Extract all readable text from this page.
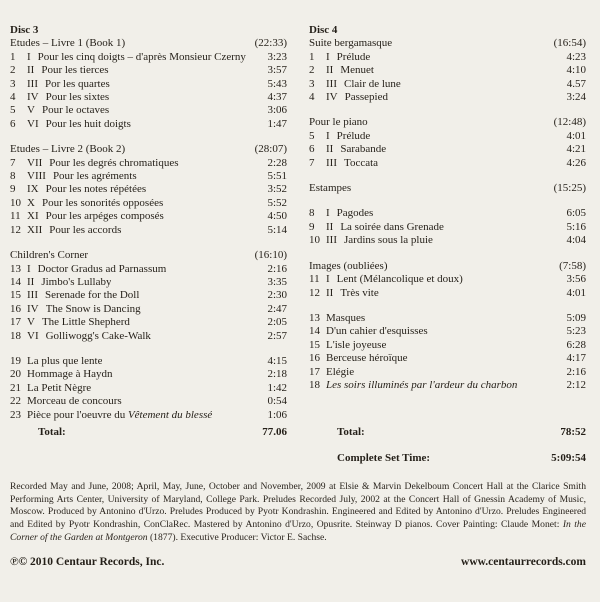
Disc 3
Etudes – Livre 1 (Book 1)	(22:33)
1	I Pour les cinq doigts – d'après Monsieur Czerny	3:23
2	II Pour les tierces	3:57
3	III Por les quartes	5:43
4	IV Pour les sixtes	4:37
5	V Pour le octaves	3:06
6	VI Pour les huit doigts	1:47
Etudes – Livre 2 (Book 2)	(28:07)
7	VII Pour les degrés chromatiques	2:28
8	VIII Pour les agréments	5:51
9	IX Pour les notes répétées	3:52
10 X Pour les sonorités opposées	5:52
11 XI Pour les arpéges composés	4:50
12 XII Pour les accords	5:14
Children's Corner	(16:10)
13 I Doctor Gradus ad Parnassum	2:16
14 II Jimbo's Lullaby	3:35
15 III Serenade for the Doll	2:30
16 IV The Snow is Dancing	2:47
17 V The Little Shepherd	2:05
18 VI Golliwogg's Cake-Walk	2:57
19 La plus que lente	4:15
20 Hommage à Haydn	2:18
21 La Petit Nègre	1:42
22 Morceau de concours	0:54
23 Pièce pour l'oeuvre du Vêtement du blessé	1:06
Total:	77.06
Disc 4
Suite bergamasque	(16:54)
1	I Prélude	4:23
2	II Menuet	4:10
3	III Clair de lune	4.57
4	IV Passepied	3:24
Pour le piano	(12:48)
5	I Prélude	4:01
6	II Sarabande	4:21
7	III Toccata	4:26
Estampes	(15:25)
8	I Pagodes	6:05
9	II La soirée dans Grenade	5:16
10 III Jardins sous la pluie	4:04
Images (oubliées)	(7:58)
11 I Lent (Mélancolique et doux)	3:56
12 II Très vite	4:01
13 Masques	5:09
14 D'un cahier d'esquisses	5:23
15 L'isle joyeuse	6:28
16 Berceuse héroïque	4:17
17 Elégie	2:16
18 Les soirs illuminés par l'ardeur du charbon	2:12
Total:	78:52
Complete Set Time:	5:09:54
Recorded May and June, 2008; April, May, June, October and November, 2009 at Elsie & Marvin Dekelboum Concert Hall at the Clarice Smith Performing Arts Center, University of Maryland, College Park. Preludes Recorded July, 2002 at the Concert Hall of Gnessin Academy of Music, Moscow. Produced by Antonino d'Urzo. Preludes Produced by Pyotr Kondrashin. Engineered and Edited by Antonino d'Urzo. Preludes Engineered and Edited by Pyotr Kondrashin, ConClaRec. Mastered by Antonino d'Urzo, Opusrite. Steinway D pianos. Cover Painting: Claude Monet: In the Corner of the Garden at Montgeron (1877). Executive Producer: Victor E. Sachse.
℗© 2010 Centaur Records, Inc.	www.centaurrecords.com
